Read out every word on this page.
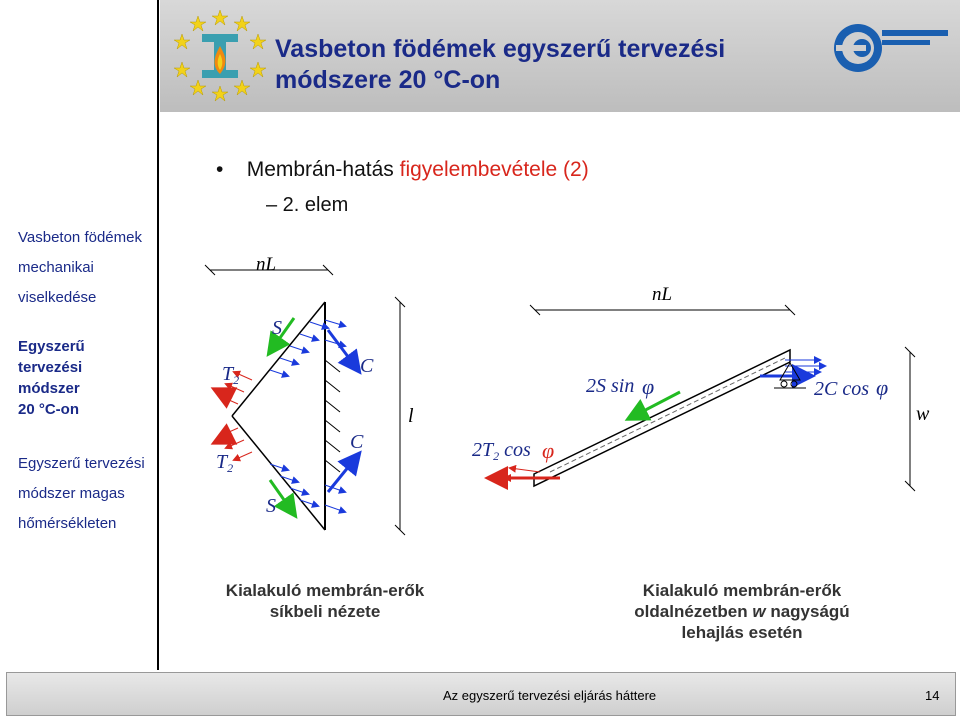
Vasbeton födémek egyszerű tervezési
módszere 20 °C-on
Vasbeton födémek
mechanikai
viselkedése
Egyszerű
tervezési
módszer
20 °C-on
Egyszerű tervezési
módszer magas
hőmérsékleten
• Membrán-hatás figyelembevétele (2)
– 2. elem
nL
C
C
S
S
$T_2$
$T_2$
l
nL
2C cos φ
2S sin φ
$2T_2$ cos φ
w
Kialakuló membrán-erők
síkbeli nézete
Kialakuló membrán-erők
oldalnézetben w nagyságú
lehajlás esetén
Az egyszerű tervezési eljárás háttere	14
